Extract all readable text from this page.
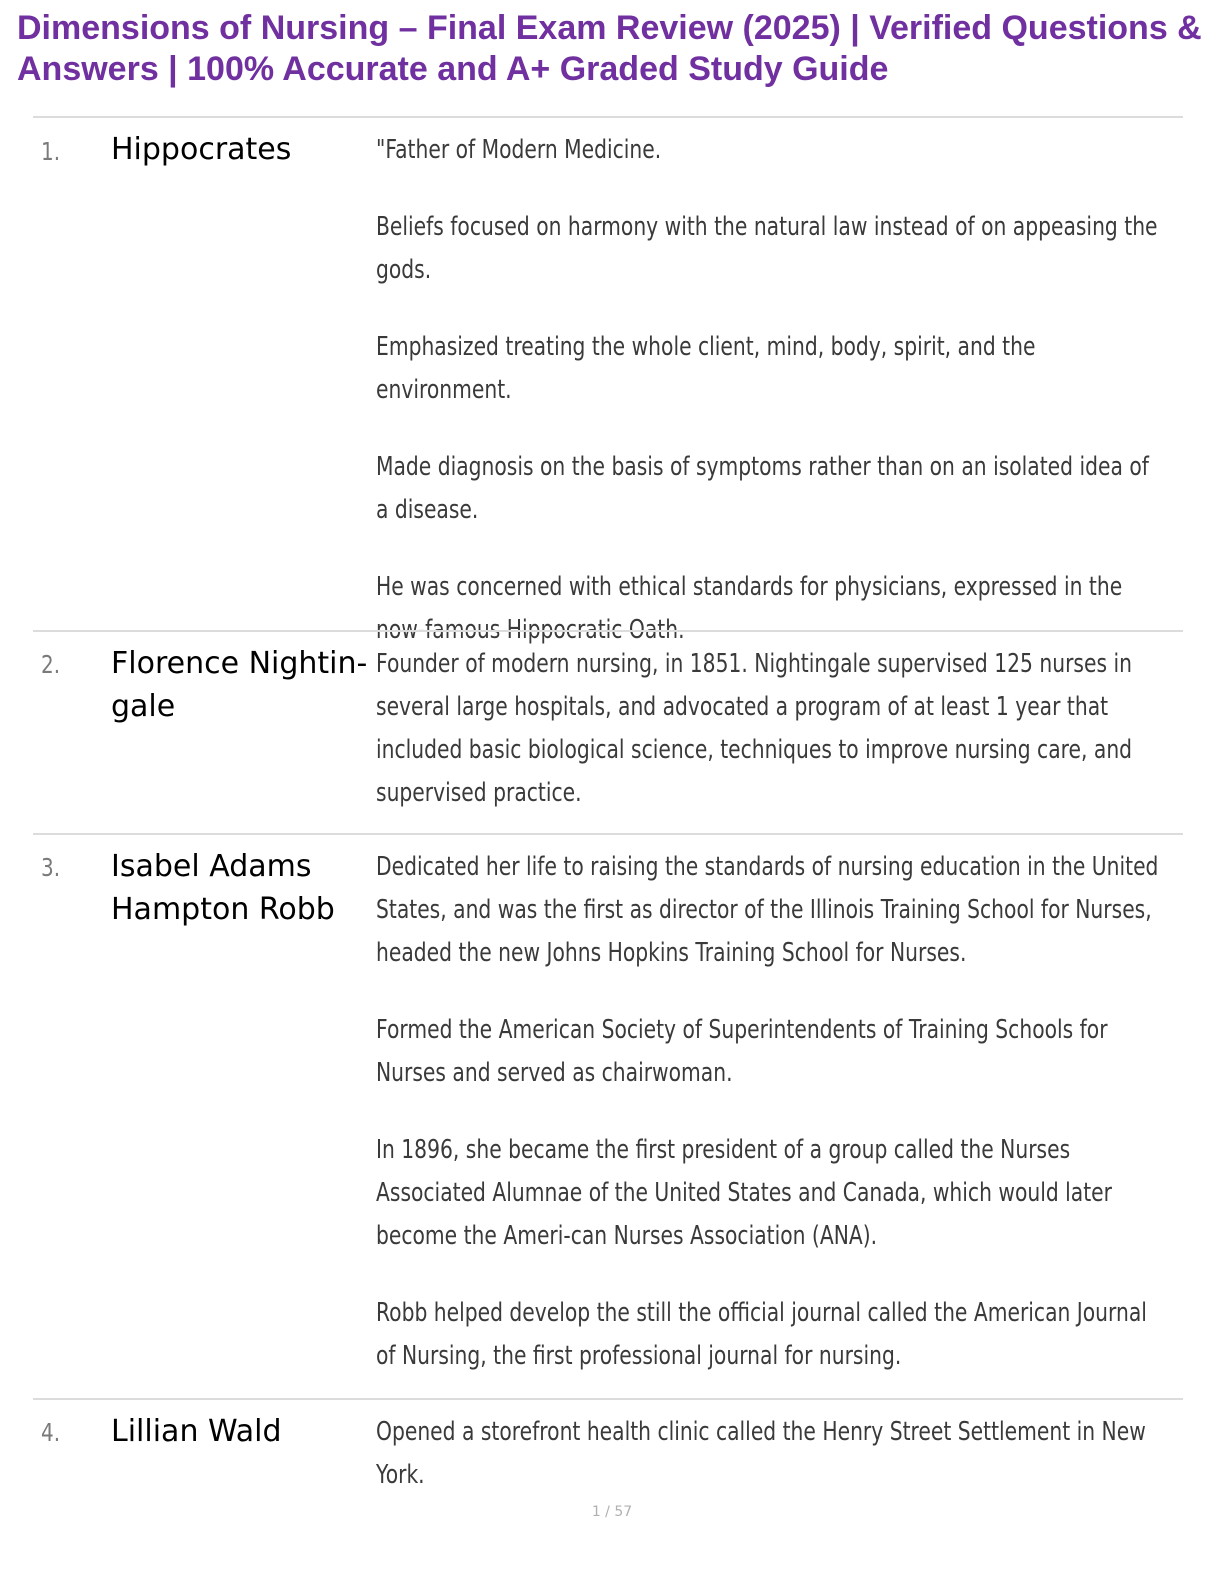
Dimensions of Nursing – Final Exam Review (2025) | Verified Questions & Answers | 100% Accurate and A+ Graded Study Guide
1. Hippocrates	"Father of Modern Medicine.

Beliefs focused on harmony with the natural law instead of on appeasing the gods.

Emphasized treating the whole client, mind, body, spirit, and the environment.

Made diagnosis on the basis of symptoms rather than on an isolated idea of a disease.

He was concerned with ethical standards for physicians, expressed in the now-famous Hippocratic Oath.

2. Florence Nightin-gale

Founder of modern nursing, in 1851. Nightingale supervised 125 nurses in several large hospitals, and advocated a program of at least 1 year that included basic biological science, techniques to improve nursing care, and supervised practice.

3. Isabel Adams Hampton Robb

Dedicated her life to raising the standards of nursing education in the United States, and was the first as director of the Illinois Training School for Nurses, headed the new Johns Hopkins Training School for Nurses.

Formed the American Society of Superintendents of Training Schools for Nurses and served as chairwoman.

In 1896, she became the first president of a group called the Nurses Associated Alumnae of the United States and Canada, which would later become the Ameri-can Nurses Association (ANA).

Robb helped develop the still the official journal called the American Journal of Nursing, the first professional journal for nursing.

4. Lillian Wald	Opened a storefront health clinic called the Henry Street Settlement in New York.

1 / 57
